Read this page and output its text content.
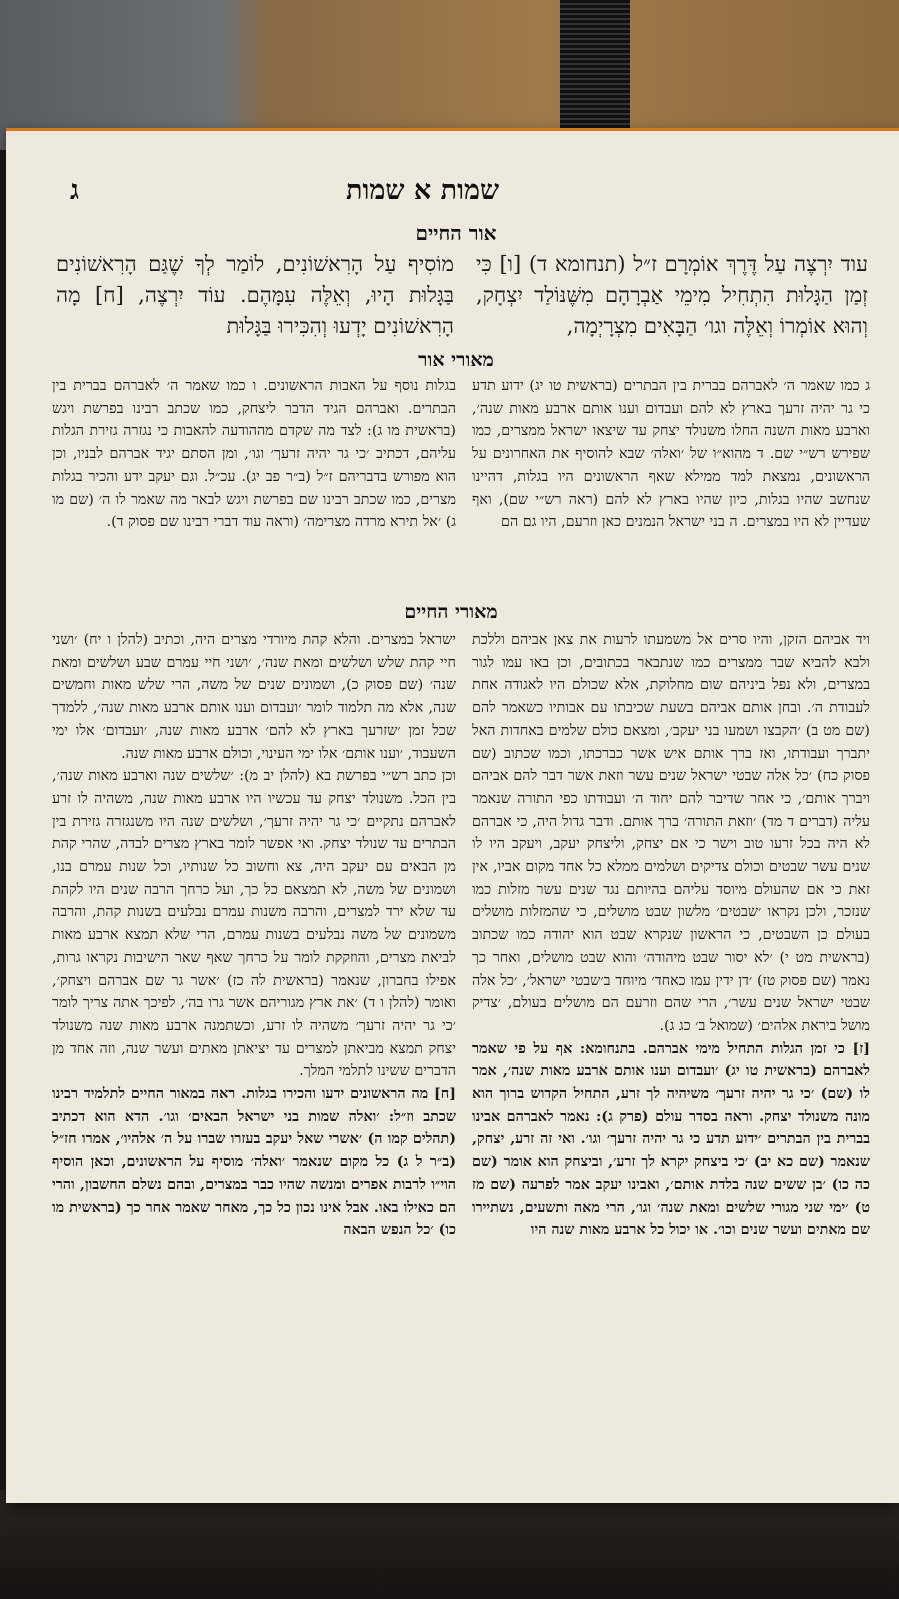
שמות א שמות
ג
אור החיים

עוד יִרְצֶה עַל דֶּרֶךְ אוֹמְרָם ז״ל (תנחומא ד) [ו] כִּי זְמַן הַגָּלוּת הִתְחִיל מִימֵי אַבְרָהָם מִשֶּׁנּוֹלַד יִצְחָק, וְהוּא אוֹמְרוֹ וְאֵלֶּה וגו׳ הַבָּאִים מִצְרָיְמָה,

מוֹסִיף עַל הָרִאשׁוֹנִים, לוֹמַר לְךָ שֶׁגַּם הָרִאשׁוֹנִים בַּגָּלוּת הָיוּ, וְאֵלֶּה עִמָּהֶם. עוֹד יִרְצֶה, [ח] מָה הָרִאשׁוֹנִים יָדְעוּ וְהִכִּירוּ בַּגָּלוּת

מאורי אור

ג כמו שאמר ה׳ לאברהם בברית בין הבתרים (בראשית טו יג) ידוע תדע כי גר יהיה זרעך בארץ לא להם ועבדום וענו אותם ארבע מאות שנה׳, וארבע מאות השנה החלו משנולד יצחק עד שיצאו ישראל ממצרים, כמו שפירש רש״י שם. ד מהוא״ו של ׳ואלה׳ שבא להוסיף את האחרונים על הראשונים, נמצאת למד ממילא שאף הראשונים היו בגלות, דהיינו שנחשב שהיו בגלות, כיון שהיו בארץ לא להם (ראה רש״י שם), ואף שעדיין לא היו במצרים. ה בני ישראל הנמנים כאן וזרעם, היו גם הם

בגלות נוסף על האבות הראשונים. ו כמו שאמר ה׳ לאברהם בברית בין הבתרים. ואברהם הגיד הדבר ליצחק, כמו שכתב רבינו בפרשת ויגש (בראשית מו ג): לצד מה שקדם מההודעה להאבות כי נגזרה גזירת הגלות עליהם, דכתיב ׳כי גר יהיה זרעך׳ וגו׳, ומן הסתם יגיד אברהם לבניו, וכן הוא מפורש בדבריהם ז״ל (ב״ר פב יג). עכ״ל. וגם יעקב ידע והכיר בגלות מצרים, כמו שכתב רבינו שם בפרשת ויגש לבאר מה שאמר לו ה׳ (שם מו ג) ׳אל תירא מרדה מצרימה׳ (וראה עוד דברי רבינו שם פסוק ד).

מאורי החיים

ויד אביהם הזקן, והיו סרים אל משמעתו לרעות את צאן אביהם וללכת ולבא להביא שבר ממצרים כמו שנתבאר בכתובים, וכן באו עמו לגור במצרים, ולא נפל ביניהם שום מחלוקת, אלא שכולם היו לאגודה אחת לעבודת ה׳. ובחן אותם אביהם בשעת שכיבתו עם אבותיו כשאמר להם (שם מט ב) ׳הקבצו ושמעו בני יעקב׳, ומצאם כולם שלמים באחדות האל יתברך ועבודתו, ואז ברך אותם איש אשר כברכתו, וכמו שכתוב (שם פסוק כח) ׳כל אלה שבטי ישראל שנים עשר וזאת אשר דבר להם אביהם ויברך אותם׳, כי אחר שדיבר להם יחוד ה׳ ועבודתו כפי התורה שנאמר עליה (דברים ד מד) ׳וזאת התורה׳ ברך אותם. ודבר גדול היה, כי אברהם לא היה בכל זרעו טוב וישר כי אם יצחק, וליצחק יעקב, ויעקב היו לו שנים עשר שבטים וכולם צדיקים ושלמים ממלא כל אחד מקום אביו, אין זאת כי אם שהעולם מיוסד עליהם בהיותם נגד שנים עשר מזלות כמו שנזכר, ולכן נקראו ׳שבטים׳ מלשון שבט מושלים, כי שהמזלות מושלים בעולם כן השבטים, כי הראשון שנקרא שבט הוא יהודה כמו שכתוב (בראשית מט י) ׳לא יסור שבט מיהודה׳ והוא שבט מושלים, ואחר כך נאמר (שם פסוק טז) ׳דן ידין עמו כאחד׳ מיוחד ב׳שבטי ישראל׳, ׳כל אלה שבטי ישראל שנים עשר׳, הרי שהם וזרעם הם מושלים בעולם, ׳צדיק מושל ביראת אלהים׳ (שמואל ב׳ כג ג).

[ז] כי זמן הגלות התחיל מימי אברהם. בתנחומא: אף על פי שאמר לאברהם (בראשית טו יג) ׳ועבדום וענו אותם ארבע מאות שנה׳, אמר לו (שם) ׳כי גר יהיה זרעך׳ משיהיה לך זרע, התחיל הקדוש ברוך הוא מונה משנולד יצחק. וראה בסדר עולם (פרק ג): נאמר לאברהם אבינו בברית בין הבתרים ׳ידוע תדע כי גר יהיה זרעך׳ וגו׳. ואי זה זרע, יצחק, שנאמר (שם כא יב) ׳כי ביצחק יקרא לך זרע׳, וביצחק הוא אומר (שם כה כו) ׳בן ששים שנה בלדת אותם׳, ואבינו יעקב אמר לפרעה (שם מז ט) ׳ימי שני מגורי שלשים ומאת שנה׳ וגו׳, הרי מאה ותשעים, נשתיירו שם מאתים ועשר שנים וכו׳. או יכול כל ארבע מאות שנה היו

ישראל במצרים. והלא קהת מיורדי מצרים היה, וכתיב (להלן ו יח) ׳ושני חיי קהת שלש ושלשים ומאת שנה׳, ׳ושני חיי עמרם שבע ושלשים ומאת שנה׳ (שם פסוק כ), ושמונים שנים של משה, הרי שלש מאות וחמשים שנה, אלא מה תלמוד לומר ׳ועבדום וענו אותם ארבע מאות שנה׳, ללמדך שכל זמן ׳שזרעך בארץ לא להם׳ ארבע מאות שנה, ׳ועבדום׳ אלו ימי השעבוד, ׳וענו אותם׳ אלו ימי העינוי, וכולם ארבע מאות שנה.

וכן כתב רש״י בפרשת בא (להלן יב מ): ׳שלשים שנה וארבע מאות שנה׳, בין הכל. משנולד יצחק עד עכשיו היו ארבע מאות שנה, משהיה לו זרע לאברהם נתקיים ׳כי גר יהיה זרעך׳, ושלשים שנה היו משנגזרה גזירת בין הבתרים עד שנולד יצחק. ואי אפשר לומר בארץ מצרים לבדה, שהרי קהת מן הבאים עם יעקב היה, צא וחשוב כל שנותיו, וכל שנות עמרם בנו, ושמונים של משה, לא תמצאם כל כך, ועל כרחך הרבה שנים היו לקהת עד שלא ירד למצרים, והרבה משנות עמרם נבלעים בשנות קהת, והרבה משמונים של משה נבלעים בשנות עמרם, הרי שלא תמצא ארבע מאות לביאת מצרים, והוזקקת לומר על כרחך שאף שאר הישיבות נקראו גרות, אפילו בחברון, שנאמר (בראשית לה כז) ׳אשר גר שם אברהם ויצחק׳, ואומר (להלן ו ד) ׳את ארץ מגוריהם אשר גרו בה׳, לפיכך אתה צריך לומר ׳כי גר יהיה זרעך׳ משהיה לו זרע, וכשתמנה ארבע מאות שנה משנולד יצחק תמצא מביאתן למצרים עד יציאתן מאתים ועשר שנה, וזה אחד מן הדברים ששינו לתלמי המלך.

[ח] מה הראשונים ידעו והכירו בגלות. ראה במאור החיים לתלמיד רבינו שכתב וז״ל: ׳ואלה שמות בני ישראל הבאים׳ וגו׳. הדא הוא דכתיב (תהלים קמו ה) ׳אשרי שאל יעקב בעזרו שברו על ה׳ אלהיו׳, אמרו חז״ל (ב״ר ל ג) כל מקום שנאמר ׳ואלה׳ מוסיף על הראשונים, וכאן הוסיף הוי״ו לרבות אפרים ומנשה שהיו כבר במצרים, ובהם נשלם החשבון, והרי הם כאילו באו. אבל אינו נכון כל כך, מאחר שאמר אחר כך (בראשית מו כו) ׳כל הנפש הבאה
